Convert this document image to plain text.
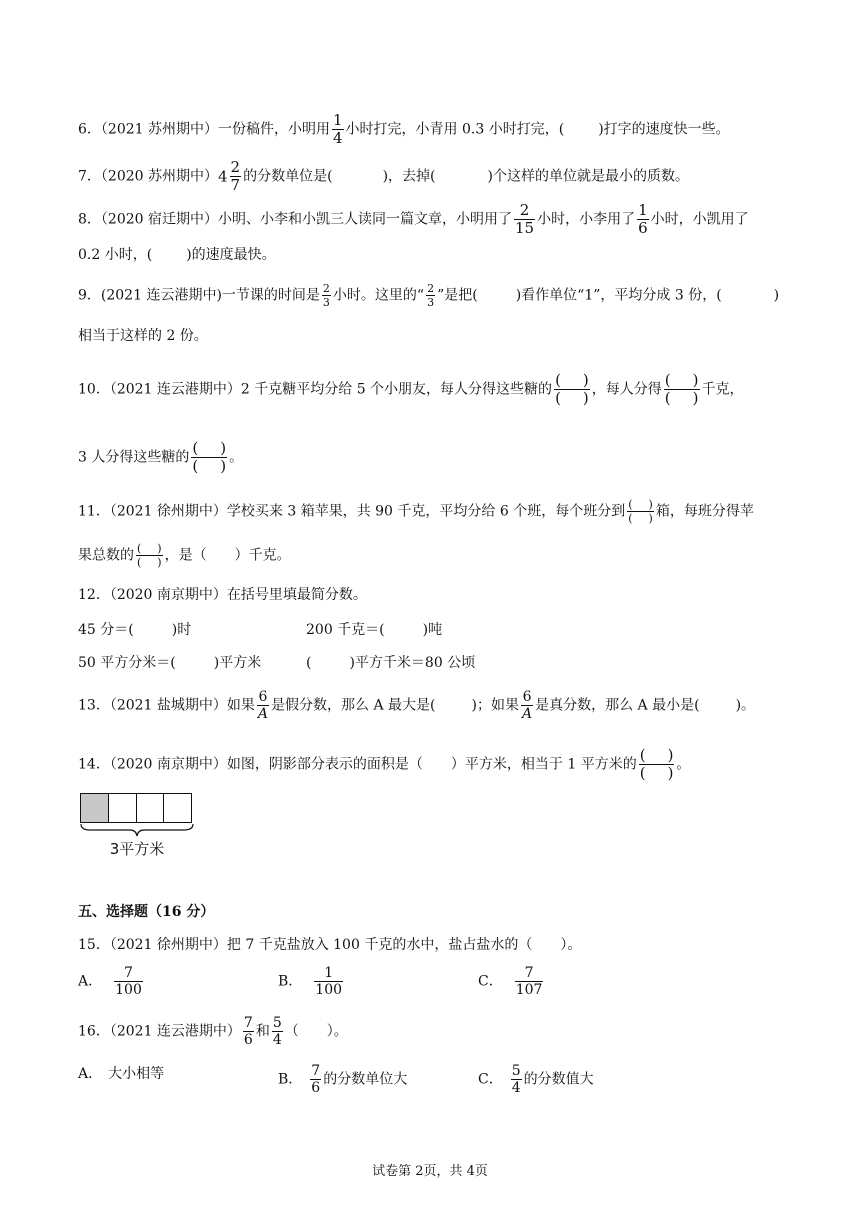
6．（2021 苏州期中）一份稿件，小明用 $\frac{1}{4}$ 小时打完，小青用 0.3 小时打完，( )打字的速度快一些。
7．（2020 苏州期中）$4 \frac{2}{7}$ 的分数单位是(	)，去掉(	)个这样的单位就是最小的质数。
8．（2020 宿迁期中）小明、小李和小凯三人读同一篇文章，小明用了 $\frac{2}{15}$ 小时，小李用了 $\frac{1}{6}$ 小时，小凯用了
0.2 小时，( )的速度最快。
9．(2021 连云港期中)一节课的时间是 $\frac{2}{3}$ 小时。这里的“ $\frac{2}{3}$ ”是把(	)看作单位“1”，平均分成 3 份，(	)
相当于这样的 2 份。
10．（2021 连云港期中）2 千克糖平均分给 5 个小朋友，每人分得这些糖的 $\frac{( )}{( )}$ ，每人分得 $\frac{( )}{( )}$ 千克，
3 人分得这些糖的 $\frac{( )}{( )}$ 。
11．（2021 徐州期中）学校买来 3 箱苹果，共 90 千克，平均分给 6 个班，每个班分到 $\frac{( )}{( )}$ 箱，每班分得苹
果总数的 $\frac{( )}{( )}$ ，是（　　）千克。
12．（2020 南京期中）在括号里填最简分数。
45 分＝(	)时	200 千克＝(	)吨
50 平方分米＝(	)平方米	(	)平方千米＝80 公顷
13．（2021 盐城期中）如果 $\frac{6}{A}$ 是假分数，那么 A 最大是(	)；如果 $\frac{6}{A}$ 是真分数，那么 A 最小是(	)。
14．（2020 南京期中）如图，阴影部分表示的面积是（　　）平方米，相当于 1 平方米的 $\frac{( )}{( )}$ 。
3平方米
五、选择题（16 分）
15．（2021 徐州期中）把 7 千克盐放入 100 千克的水中，盐占盐水的（　　）。
A． $\frac{7}{100}$	B． $\frac{1}{100}$	C． $\frac{7}{107}$
16．（2021 连云港期中） $\frac{7}{6}$ 和 $\frac{5}{4}$ （　　）。
A． 大小相等	B． $\frac{7}{6}$ 的分数单位大	C． $\frac{5}{4}$ 的分数值大
试卷第 2页，共 4页
